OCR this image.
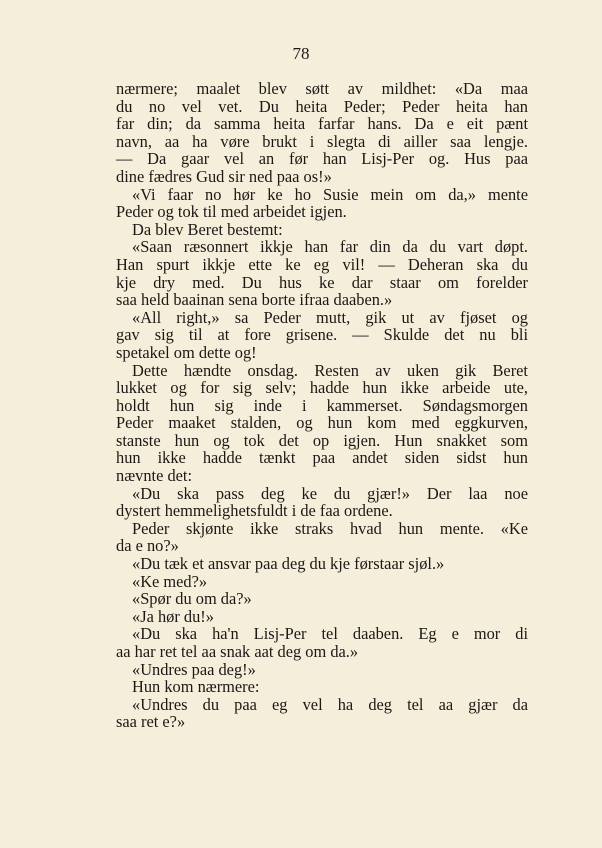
78
nærmere; maalet blev søtt av mildhet: «Da maa
du no vel vet. Du heita Peder; Peder heita han
far din; da samma heita farfar hans. Da e eit pænt
navn, aa ha vøre brukt i slegta di ailler saa lengje.
— Da gaar vel an før han Lisj-Per og. Hus paa
dine fædres Gud sir ned paa os!»
«Vi faar no hør ke ho Susie mein om da,» mente
Peder og tok til med arbeidet igjen.
Da blev Beret bestemt:
«Saan ræsonnert ikkje han far din da du vart døpt.
Han spurt ikkje ette ke eg vil! — Deheran ska du
kje dry med. Du hus ke dar staar om forelder
saa held baainan sena borte ifraa daaben.»
«All right,» sa Peder mutt, gik ut av fjøset og
gav sig til at fore grisene. — Skulde det nu bli
spetakel om dette og!
Dette hændte onsdag. Resten av uken gik Beret
lukket og for sig selv; hadde hun ikke arbeide ute,
holdt hun sig inde i kammerset. Søndagsmorgen
Peder maaket stalden, og hun kom med eggkurven,
stanste hun og tok det op igjen. Hun snakket som
hun ikke hadde tænkt paa andet siden sidst hun
nævnte det:
«Du ska pass deg ke du gjær!» Der laa noe
dystert hemmelighetsfuldt i de faa ordene.
Peder skjønte ikke straks hvad hun mente. «Ke
da e no?»
«Du tæk et ansvar paa deg du kje førstaar sjøl.»
«Ke med?»
«Spør du om da?»
«Ja hør du!»
«Du ska ha'n Lisj-Per tel daaben. Eg e mor di
aa har ret tel aa snak aat deg om da.»
«Undres paa deg!»
Hun kom nærmere:
«Undres du paa eg vel ha deg tel aa gjær da
saa ret e?»
